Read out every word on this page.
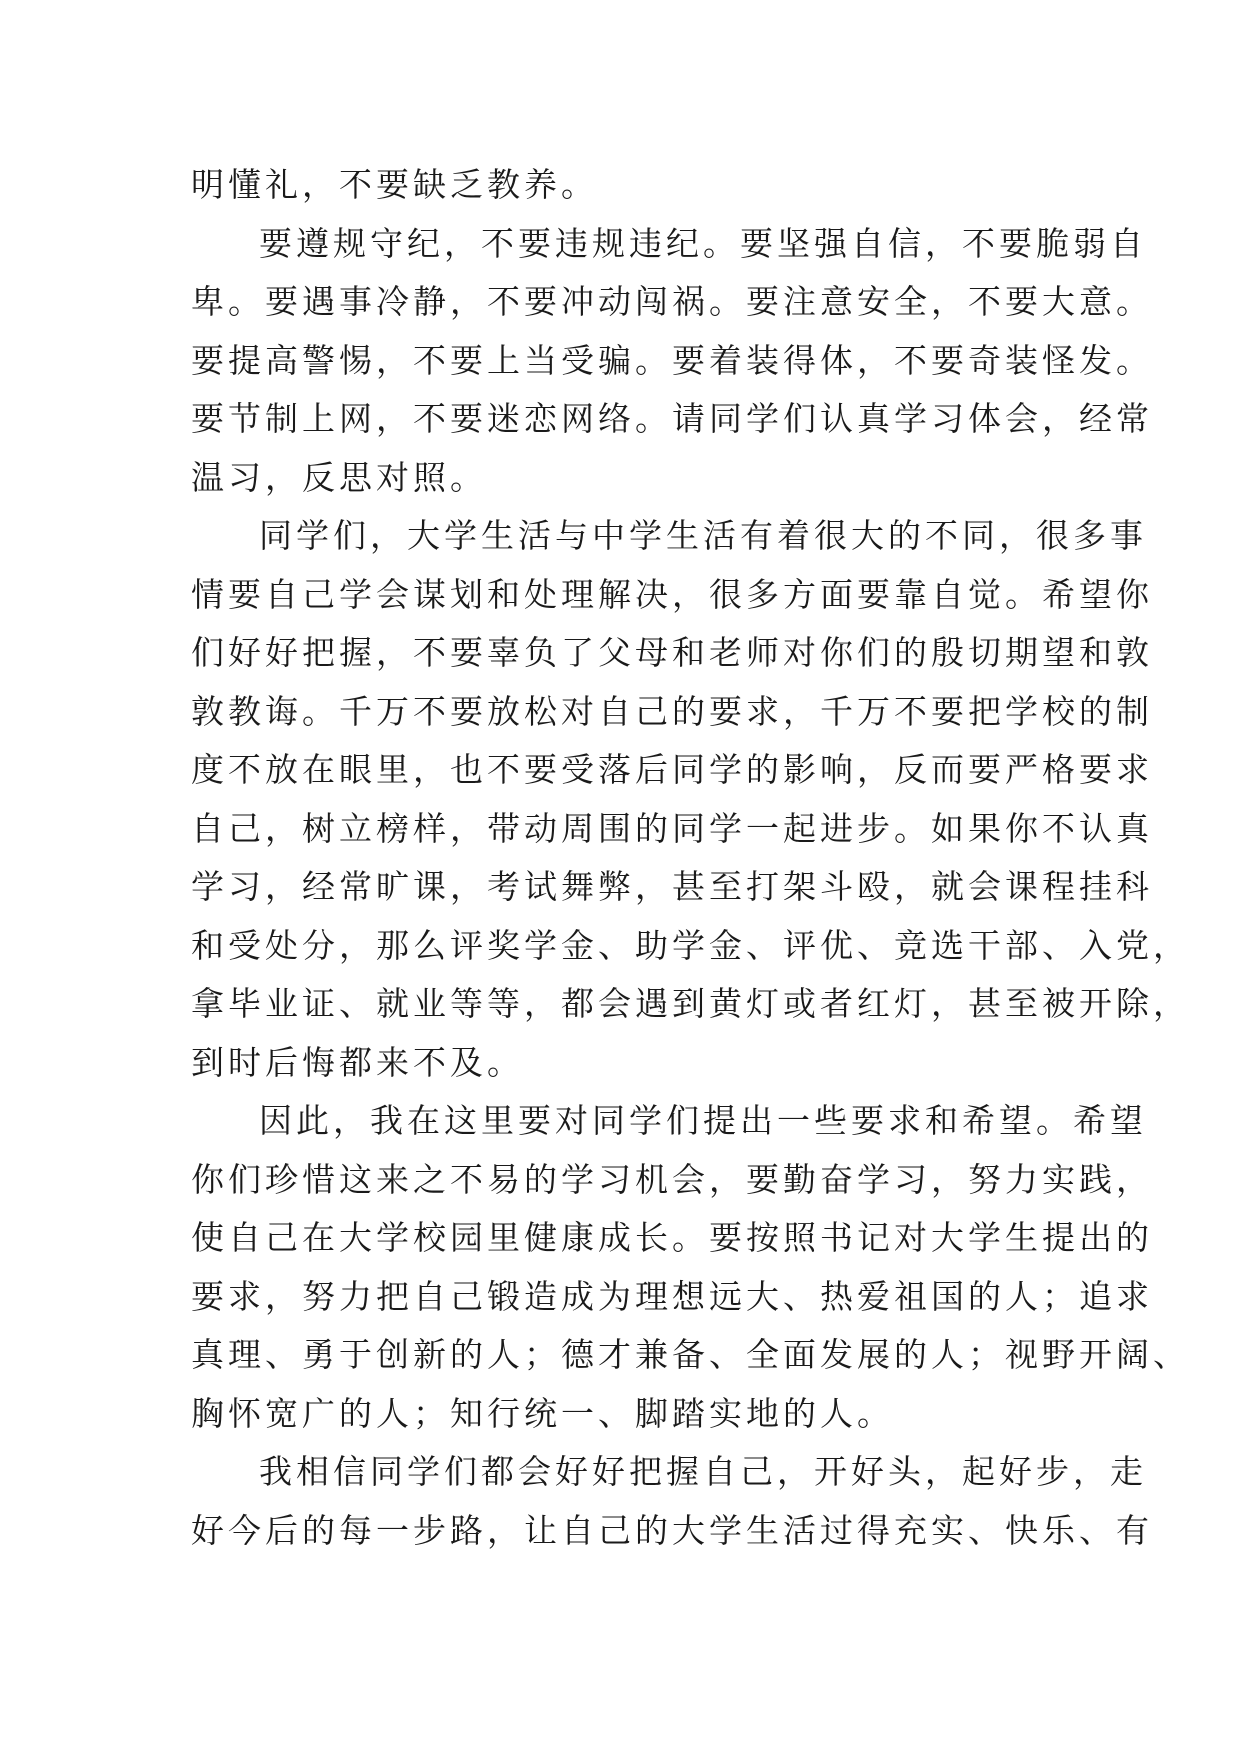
明懂礼，不要缺乏教养。
要遵规守纪，不要违规违纪。要坚强自信，不要脆弱自
卑。要遇事冷静，不要冲动闯祸。要注意安全，不要大意。
要提高警惕，不要上当受骗。要着装得体，不要奇装怪发。
要节制上网，不要迷恋网络。请同学们认真学习体会，经常
温习，反思对照。
同学们，大学生活与中学生活有着很大的不同，很多事
情要自己学会谋划和处理解决，很多方面要靠自觉。希望你
们好好把握，不要辜负了父母和老师对你们的殷切期望和敦
敦教诲。千万不要放松对自己的要求，千万不要把学校的制
度不放在眼里，也不要受落后同学的影响，反而要严格要求
自己，树立榜样，带动周围的同学一起进步。如果你不认真
学习，经常旷课，考试舞弊，甚至打架斗殴，就会课程挂科
和受处分，那么评奖学金、助学金、评优、竞选干部、入党，
拿毕业证、就业等等，都会遇到黄灯或者红灯，甚至被开除，
到时后悔都来不及。
因此，我在这里要对同学们提出一些要求和希望。希望
你们珍惜这来之不易的学习机会，要勤奋学习，努力实践，
使自己在大学校园里健康成长。要按照书记对大学生提出的
要求，努力把自己锻造成为理想远大、热爱祖国的人；追求
真理、勇于创新的人；德才兼备、全面发展的人；视野开阔、
胸怀宽广的人；知行统一、脚踏实地的人。
我相信同学们都会好好把握自己，开好头，起好步，走
好今后的每一步路，让自己的大学生活过得充实、快乐、有
